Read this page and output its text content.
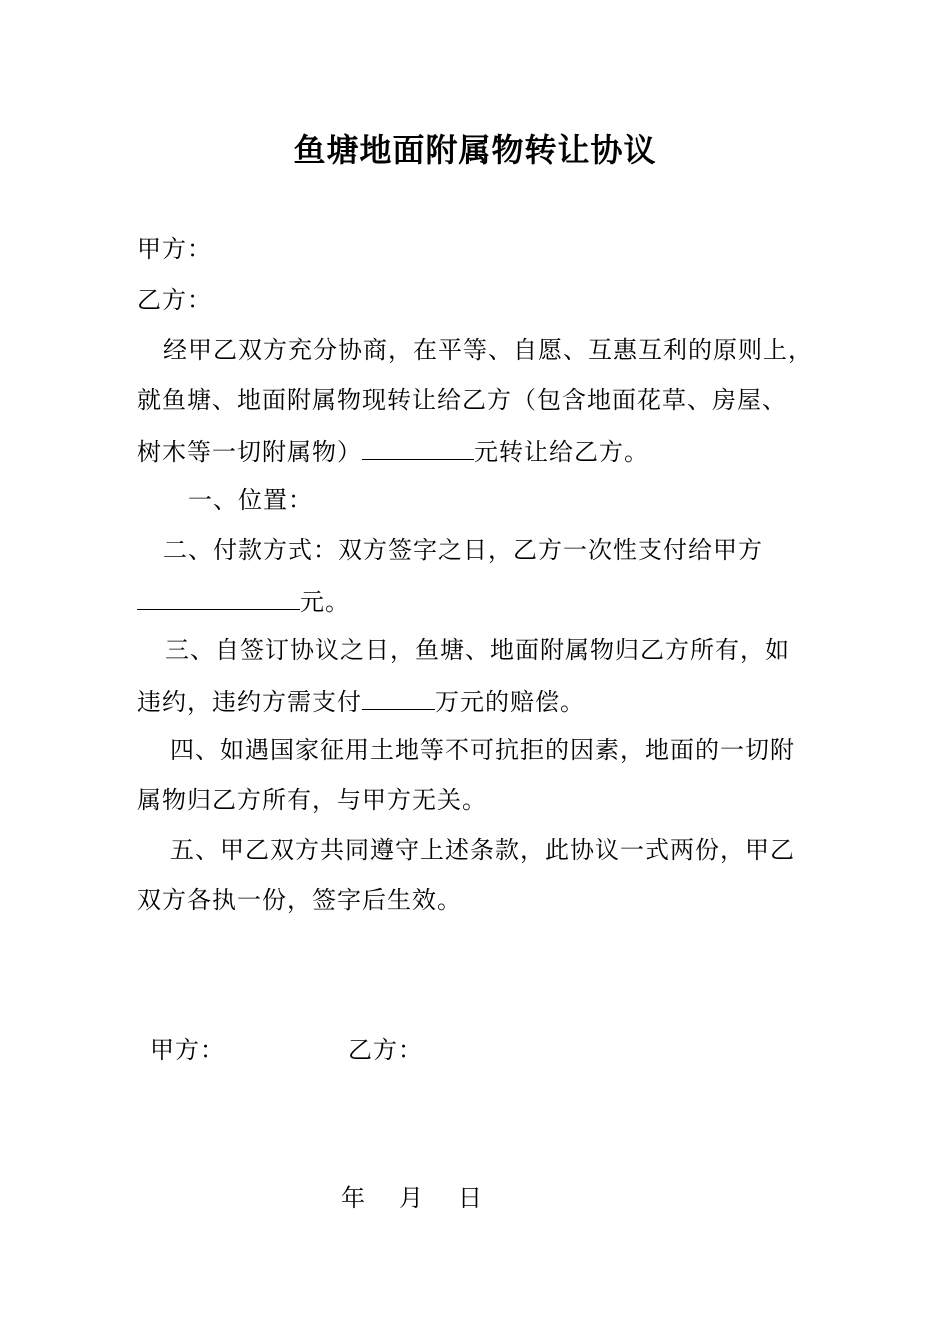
鱼塘地面附属物转让协议
甲方：
乙方：
经甲乙双方充分协商，在平等、自愿、互惠互利的原则上，
就鱼塘、地面附属物现转让给乙方（包含地面花草、房屋、
树木等一切附属物）	元转让给乙方。
一、位置：
二、付款方式：双方签字之日，乙方一次性支付给甲方
元。
三、自签订协议之日，鱼塘、地面附属物归乙方所有，如
违约，违约方需支付	万元的赔偿。
四、如遇国家征用土地等不可抗拒的因素，地面的一切附
属物归乙方所有，与甲方无关。
五、甲乙双方共同遵守上述条款，此协议一式两份，甲乙
双方各执一份，签字后生效。
甲方：	乙方：
年 月 日
